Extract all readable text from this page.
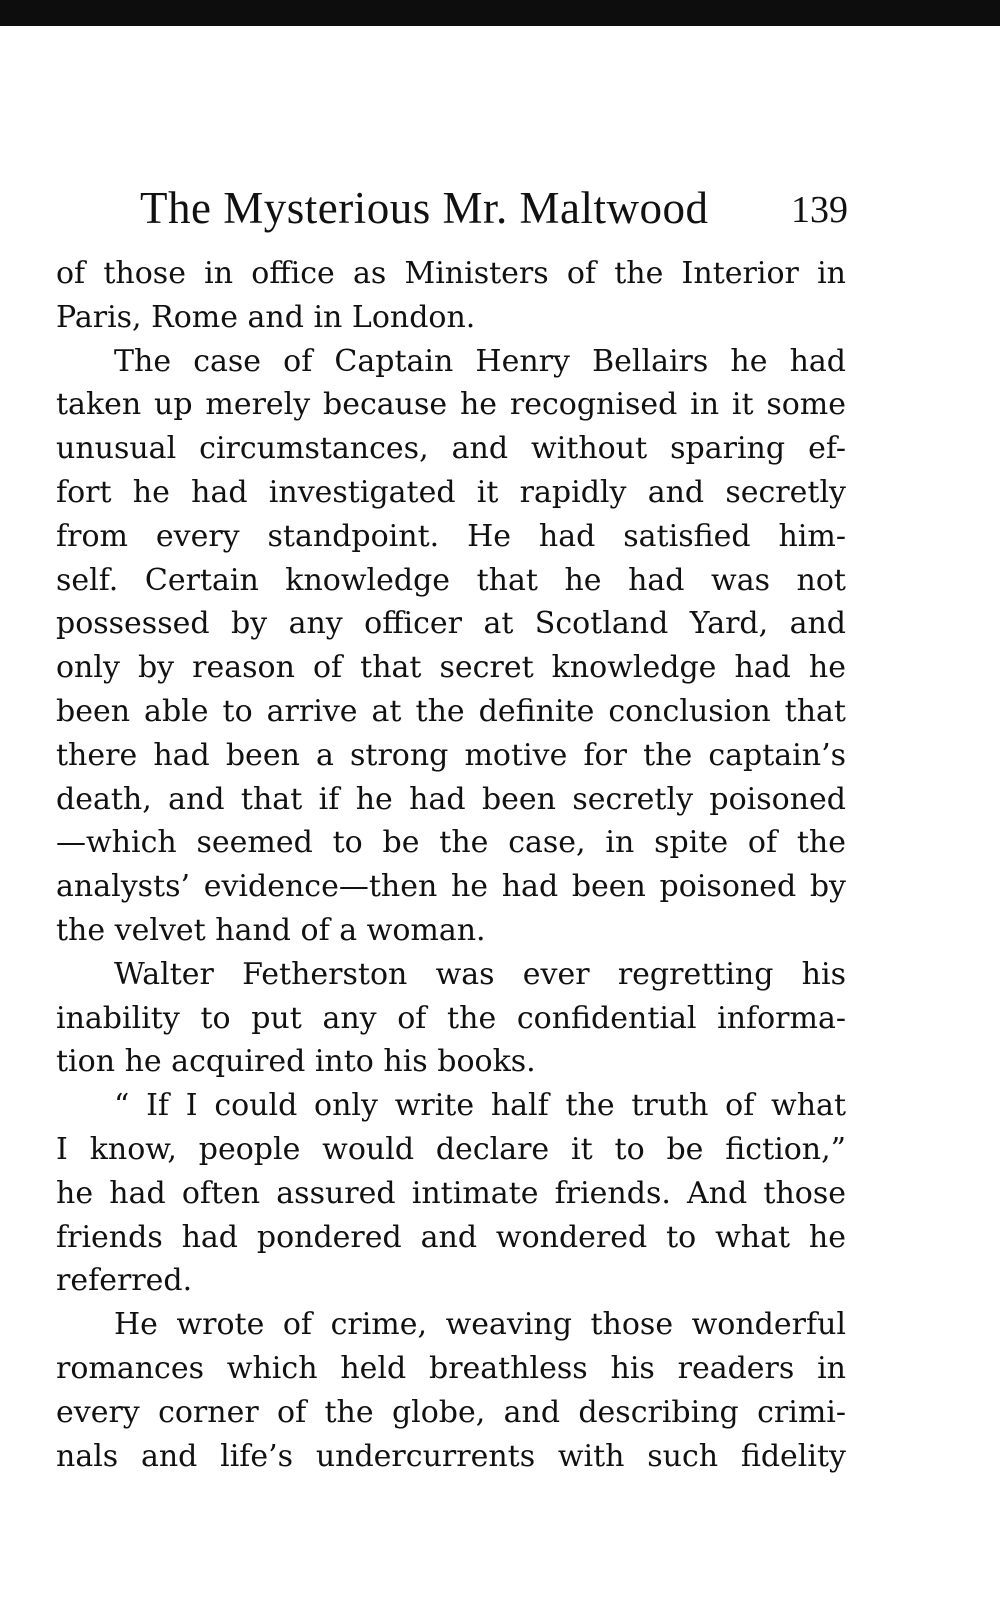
The Mysterious Mr. Maltwood 139
of those in office as Ministers of the Interior in
Paris, Rome and in London.
The case of Captain Henry Bellairs he had
taken up merely because he recognised in it some
unusual circumstances, and without sparing ef-
fort he had investigated it rapidly and secretly
from every standpoint. He had satisfied him-
self. Certain knowledge that he had was not
possessed by any officer at Scotland Yard, and
only by reason of that secret knowledge had he
been able to arrive at the definite conclusion that
there had been a strong motive for the captain’s
death, and that if he had been secretly poisoned
—which seemed to be the case, in spite of the
analysts’ evidence—then he had been poisoned by
the velvet hand of a woman.
Walter Fetherston was ever regretting his
inability to put any of the confidential informa-
tion he acquired into his books.
“ If I could only write half the truth of what
I know, people would declare it to be fiction,”
he had often assured intimate friends. And those
friends had pondered and wondered to what he
referred.
He wrote of crime, weaving those wonderful
romances which held breathless his readers in
every corner of the globe, and describing crimi-
nals and life’s undercurrents with such fidelity
